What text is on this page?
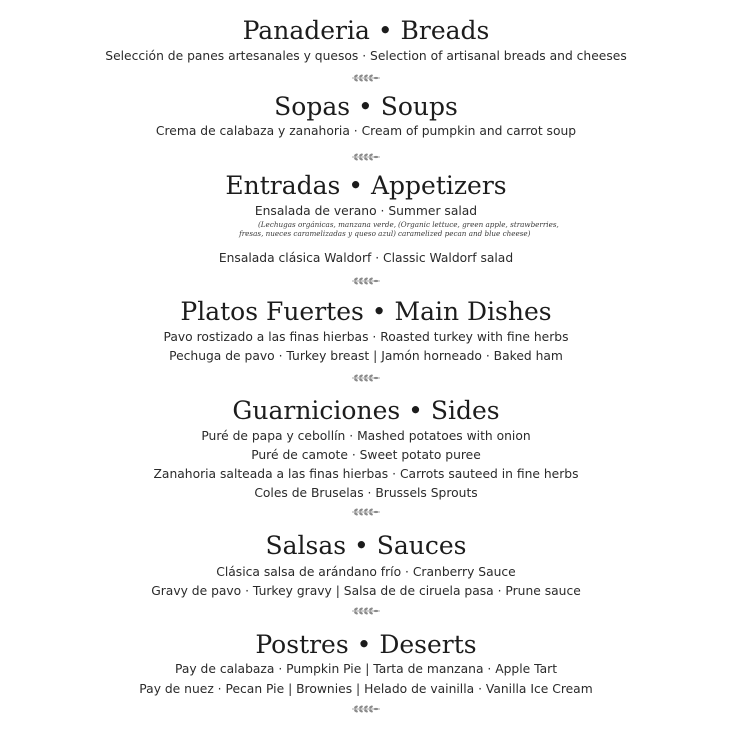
Panaderia • Breads
Selección de panes artesanales y quesos · Selection of artisanal breads and cheeses
Sopas • Soups
Crema de calabaza y zanahoria · Cream of pumpkin and carrot soup
Entradas • Appetizers
Ensalada de verano · Summer salad
(Lechugas orgánicas, manzana verde,
fresas, nueces caramelizadas y queso azul)
(Organic lettuce, green apple, strawberries,
caramelized pecan and blue cheese)
Ensalada clásica Waldorf · Classic Waldorf salad
Platos Fuertes • Main Dishes
Pavo rostizado a las finas hierbas · Roasted turkey with fine herbs
Pechuga de pavo · Turkey breast | Jamón horneado · Baked ham
Guarniciones • Sides
Puré de papa y cebollín · Mashed potatoes with onion
Puré de camote · Sweet potato puree
Zanahoria salteada a las finas hierbas · Carrots sauteed in fine herbs
Coles de Bruselas · Brussels Sprouts
Salsas • Sauces
Clásica salsa de arándano frío · Cranberry Sauce
Gravy de pavo · Turkey gravy | Salsa de de ciruela pasa · Prune sauce
Postres • Deserts
Pay de calabaza · Pumpkin Pie | Tarta de manzana · Apple Tart
Pay de nuez · Pecan Pie | Brownies | Helado de vainilla · Vanilla Ice Cream
